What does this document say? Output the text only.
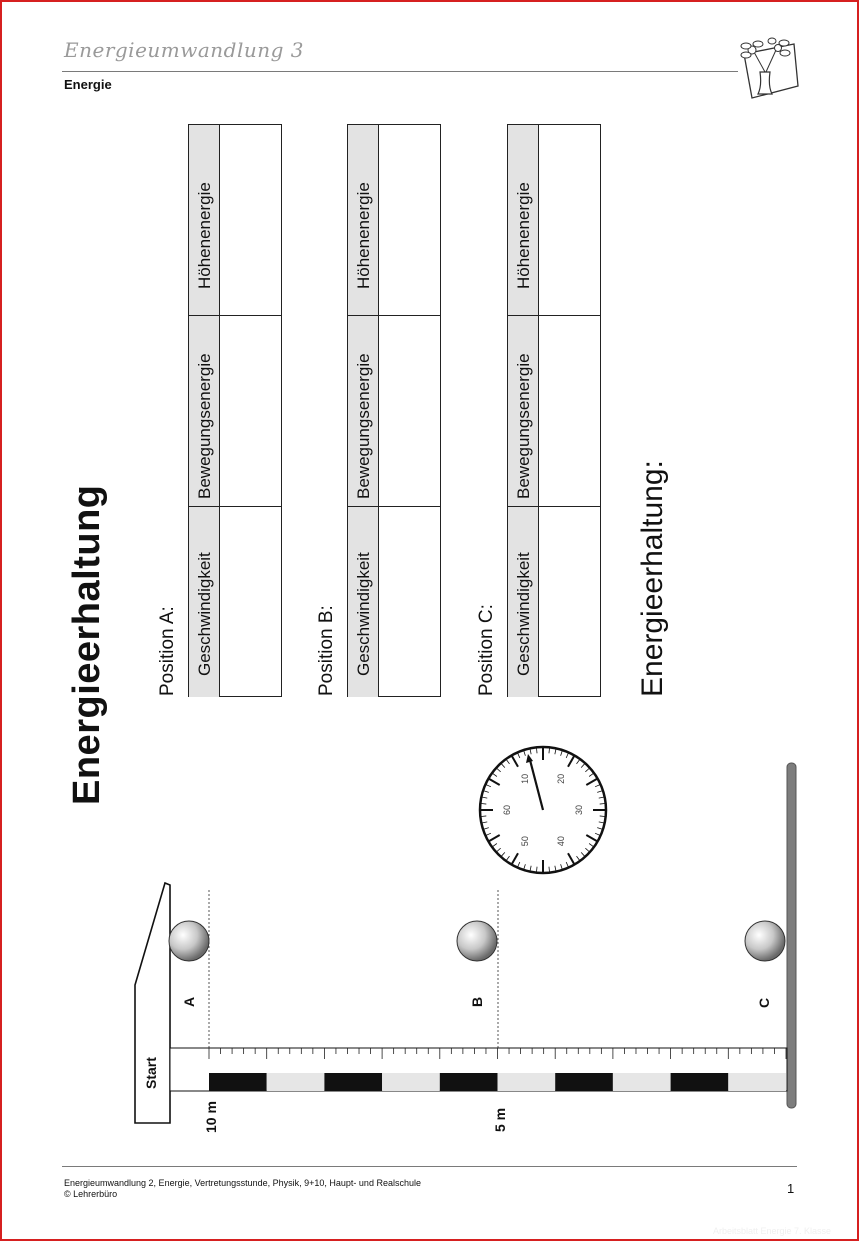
Energieumwandlung 3
Energie
Energieerhaltung	Position A:	Position B:	Position C:
Höhenenergie
Bewegungsenergie
Geschwindigkeit
Höhenenergie
Bewegungsenergie
Geschwindigkeit
Höhenenergie
Bewegungsenergie
Geschwindigkeit	Energieerhaltung:
Start
A	B	C
10 m	5 m
60
10	20
30
40
50
Energieumwandlung 2, Energie, Vertretungsstunde, Physik, 9+10, Haupt- und Realschule
© Lehrerbüro	1
Arbeitsblatt Energie 7. Klasse
